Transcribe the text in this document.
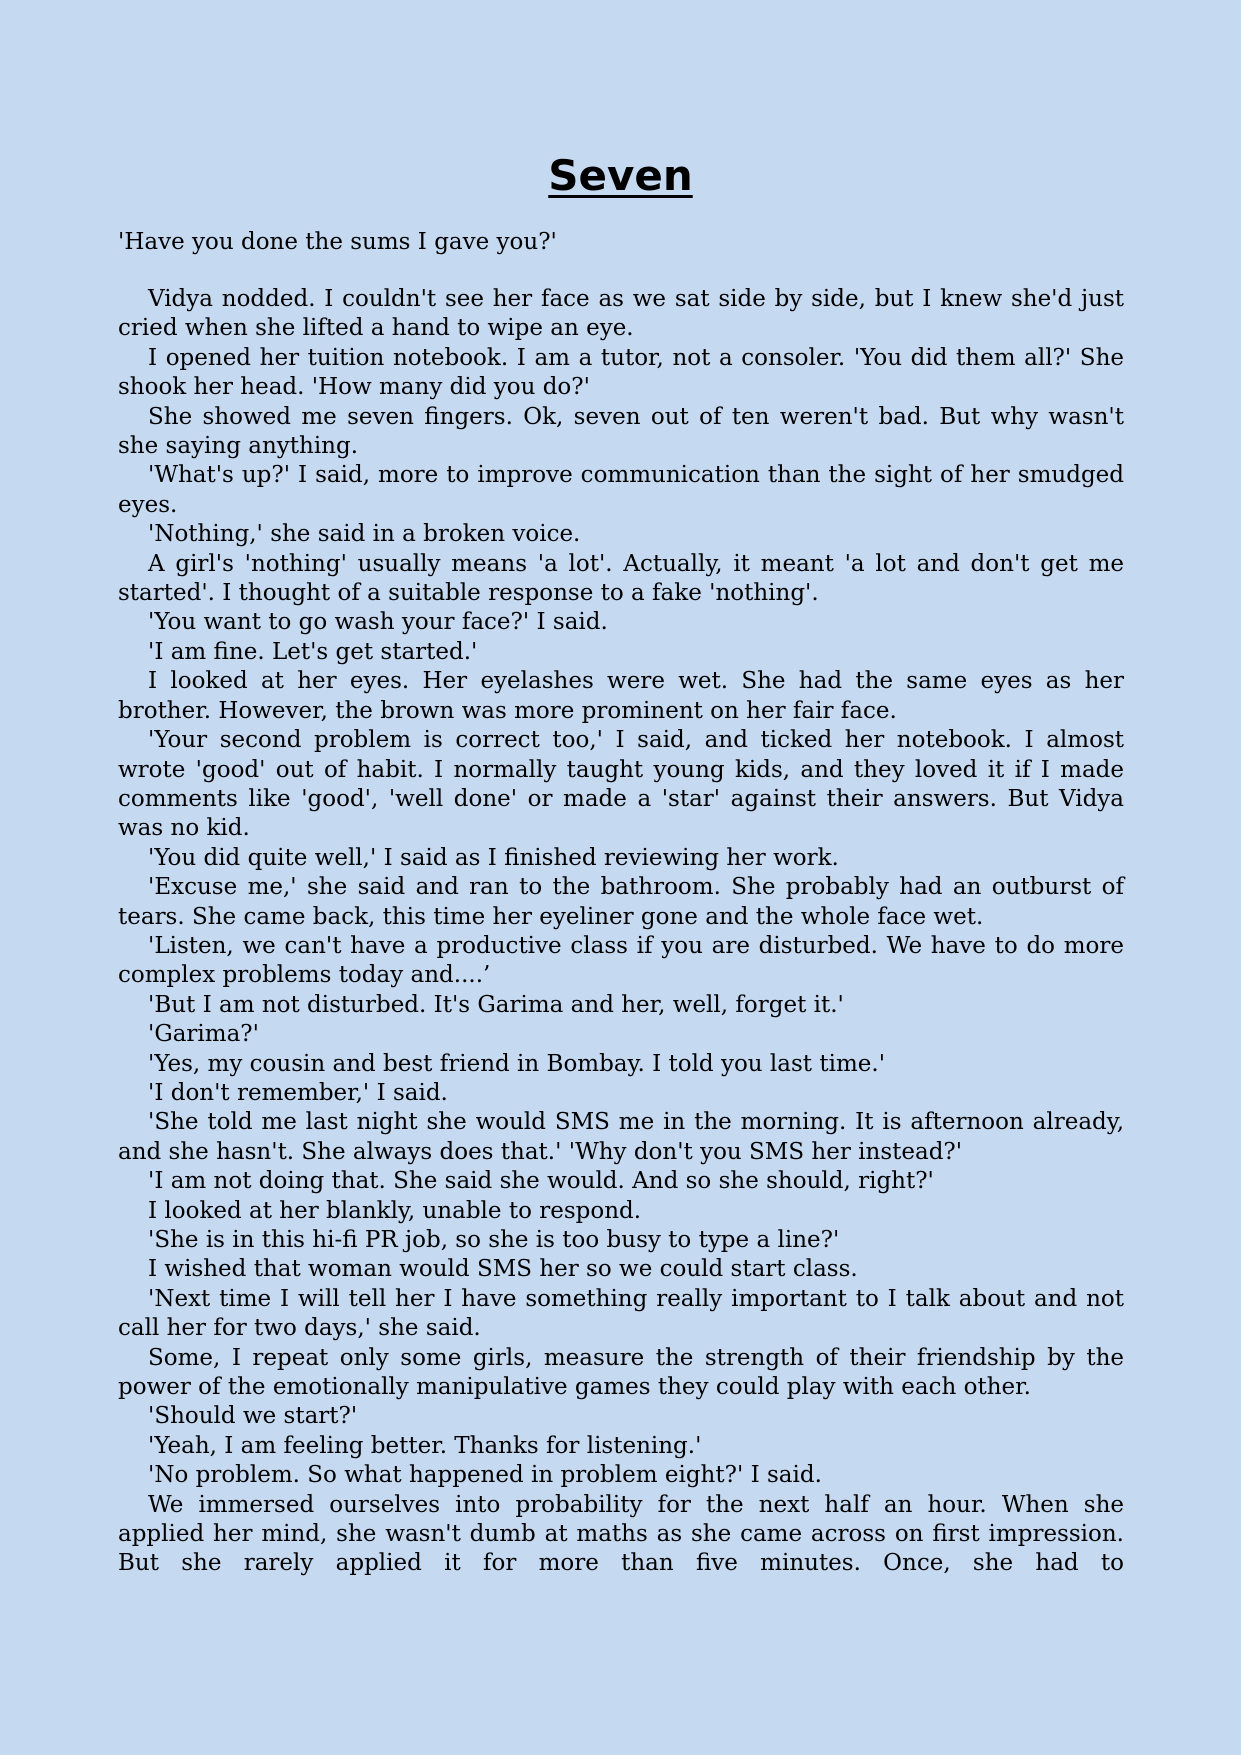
Seven

'Have you done the sums I gave you?'

Vidya nodded. I couldn't see her face as we sat side by side, but I knew she'd just cried when she lifted a hand to wipe an eye.

I opened her tuition notebook. I am a tutor, not a consoler. 'You did them all?' She shook her head. 'How many did you do?'

She showed me seven fingers. Ok, seven out of ten weren't bad. But why wasn't she saying anything.

'What's up?' I said, more to improve communication than the sight of her smudged eyes.

'Nothing,' she said in a broken voice.

A girl's 'nothing' usually means 'a lot'. Actually, it meant 'a lot and don't get me started'. I thought of a suitable response to a fake 'nothing'.

'You want to go wash your face?' I said.

'I am fine. Let's get started.'

I looked at her eyes. Her eyelashes were wet. She had the same eyes as her brother. However, the brown was more prominent on her fair face.

'Your second problem is correct too,' I said, and ticked her notebook. I almost wrote 'good' out of habit. I normally taught young kids, and they loved it if I made comments like 'good', 'well done' or made a 'star' against their answers. But Vidya was no kid.

'You did quite well,' I said as I finished reviewing her work.

'Excuse me,' she said and ran to the bathroom. She probably had an outburst of tears. She came back, this time her eyeliner gone and the whole face wet.

'Listen, we can't have a productive class if you are disturbed. We have to do more complex problems today and....’

'But I am not disturbed. It's Garima and her, well, forget it.'

'Garima?'

'Yes, my cousin and best friend in Bombay. I told you last time.'

'I don't remember,' I said.

'She told me last night she would SMS me in the morning. It is afternoon already, and she hasn't. She always does that.' 'Why don't you SMS her instead?'

'I am not doing that. She said she would. And so she should, right?'

I looked at her blankly, unable to respond.

'She is in this hi-fi PR job, so she is too busy to type a line?'

I wished that woman would SMS her so we could start class.

'Next time I will tell her I have something really important to I talk about and not call her for two days,' she said.

Some, I repeat only some girls, measure the strength of their friendship by the power of the emotionally manipulative games they could play with each other.

'Should we start?'

'Yeah, I am feeling better. Thanks for listening.'

'No problem. So what happened in problem eight?' I said.

We immersed ourselves into probability for the next half an hour. When she applied her mind, she wasn't dumb at maths as she came across on first impression. But she rarely applied it for more than five minutes. Once, she had to
